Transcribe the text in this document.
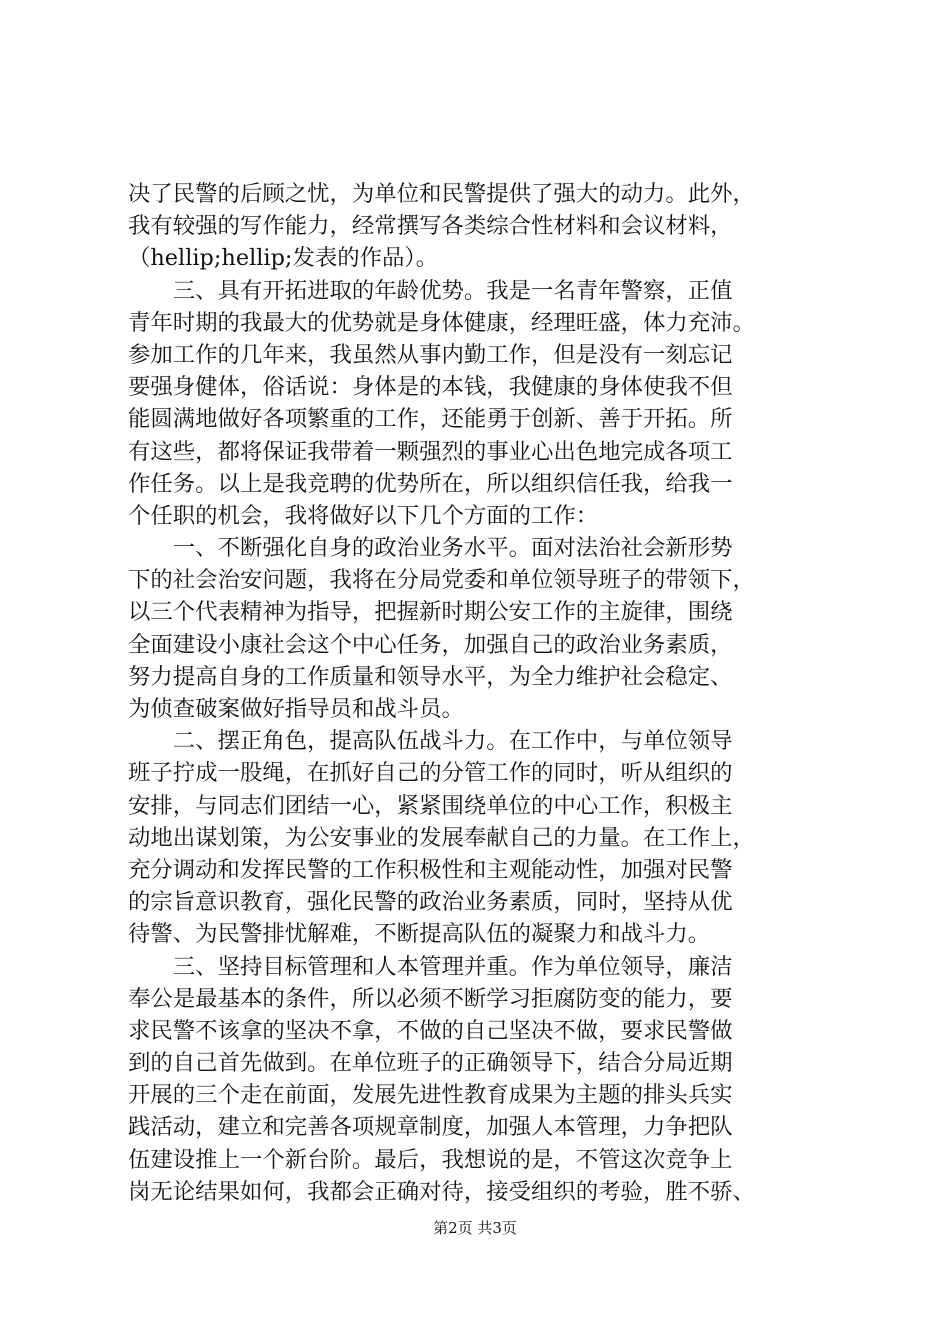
决了民警的后顾之忧，为单位和民警提供了强大的动力。此外，
我有较强的写作能力，经常撰写各类综合性材料和会议材料，
（hellip;hellip;发表的作品）。
　　三、具有开拓进取的年龄优势。我是一名青年警察，正值
青年时期的我最大的优势就是身体健康，经理旺盛，体力充沛。
参加工作的几年来，我虽然从事内勤工作，但是没有一刻忘记
要强身健体，俗话说：身体是的本钱，我健康的身体使我不但
能圆满地做好各项繁重的工作，还能勇于创新、善于开拓。所
有这些，都将保证我带着一颗强烈的事业心出色地完成各项工
作任务。以上是我竞聘的优势所在，所以组织信任我，给我一
个任职的机会，我将做好以下几个方面的工作：
　　一、不断强化自身的政治业务水平。面对法治社会新形势
下的社会治安问题，我将在分局党委和单位领导班子的带领下，
以三个代表精神为指导，把握新时期公安工作的主旋律，围绕
全面建设小康社会这个中心任务，加强自己的政治业务素质，
努力提高自身的工作质量和领导水平，为全力维护社会稳定、
为侦查破案做好指导员和战斗员。
　　二、摆正角色，提高队伍战斗力。在工作中，与单位领导
班子拧成一股绳，在抓好自己的分管工作的同时，听从组织的
安排，与同志们团结一心，紧紧围绕单位的中心工作，积极主
动地出谋划策，为公安事业的发展奉献自己的力量。在工作上，
充分调动和发挥民警的工作积极性和主观能动性，加强对民警
的宗旨意识教育，强化民警的政治业务素质，同时，坚持从优
待警、为民警排忧解难，不断提高队伍的凝聚力和战斗力。
　　三、坚持目标管理和人本管理并重。作为单位领导，廉洁
奉公是最基本的条件，所以必须不断学习拒腐防变的能力，要
求民警不该拿的坚决不拿，不做的自己坚决不做，要求民警做
到的自己首先做到。在单位班子的正确领导下，结合分局近期
开展的三个走在前面，发展先进性教育成果为主题的排头兵实
践活动，建立和完善各项规章制度，加强人本管理，力争把队
伍建设推上一个新台阶。最后，我想说的是，不管这次竞争上
岗无论结果如何，我都会正确对待，接受组织的考验，胜不骄、
第2页 共3页
